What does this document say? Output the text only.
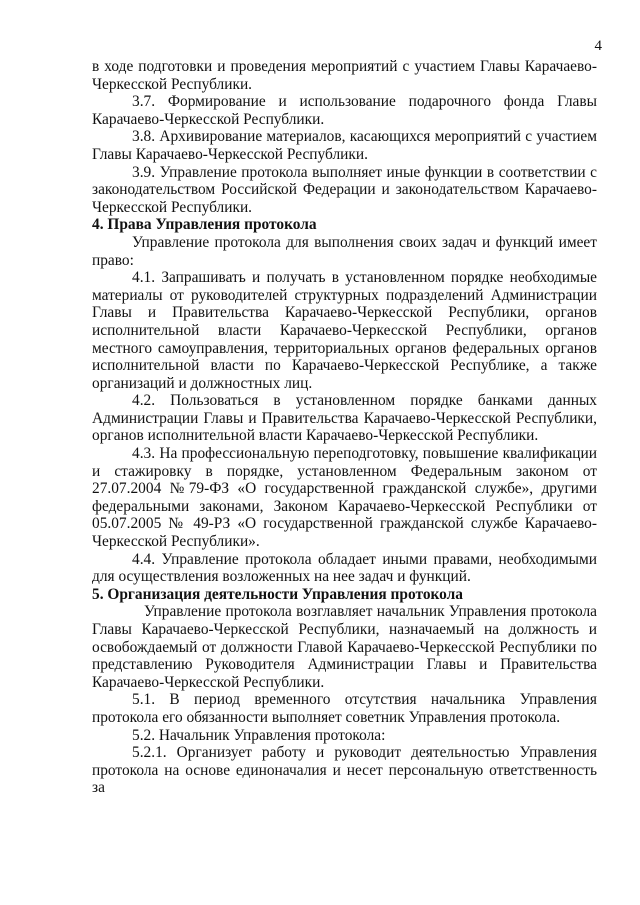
4

в ходе подготовки и проведения мероприятий с участием Главы Карачаево-Черкесской Республики.

3.7. Формирование и использование подарочного фонда Главы Карачаево-Черкесской Республики.

3.8. Архивирование материалов, касающихся мероприятий с участием Главы Карачаево-Черкесской Республики.

3.9. Управление протокола выполняет иные функции в соответствии с законодательством Российской Федерации и законодательством Карачаево-Черкесской Республики.

4. Права Управления протокола

Управление протокола для выполнения своих задач и функций имеет право:

4.1. Запрашивать и получать в установленном порядке необходимые материалы от руководителей структурных подразделений Администрации Главы и Правительства Карачаево-Черкесской Республики, органов исполнительной власти Карачаево-Черкесской Республики, органов местного самоуправления, территориальных органов федеральных органов исполнительной власти по Карачаево-Черкесской Республике, а также организаций и должностных лиц.

4.2. Пользоваться в установленном порядке банками данных Администрации Главы и Правительства Карачаево-Черкесской Республики, органов исполнительной власти Карачаево-Черкесской Республики.

4.3. На профессиональную переподготовку, повышение квалификации и стажировку в порядке, установленном Федеральным законом от 27.07.2004 №79-ФЗ «О государственной гражданской службе», другими федеральными законами, Законом Карачаево-Черкесской Республики от 05.07.2005 № 49-РЗ «О государственной гражданской службе Карачаево-Черкесской Республики».

4.4. Управление протокола обладает иными правами, необходимыми для осуществления возложенных на нее задач и функций.

5. Организация деятельности Управления протокола

Управление протокола возглавляет начальник Управления протокола Главы Карачаево-Черкесской Республики, назначаемый на должность и освобождаемый от должности Главой Карачаево-Черкесской Республики по представлению Руководителя Администрации Главы и Правительства Карачаево-Черкесской Республики.

5.1. В период временного отсутствия начальника Управления протокола его обязанности выполняет советник Управления протокола.

5.2. Начальник Управления протокола:

5.2.1. Организует работу и руководит деятельностью Управления протокола на основе единоначалия и несет персональную ответственность за
